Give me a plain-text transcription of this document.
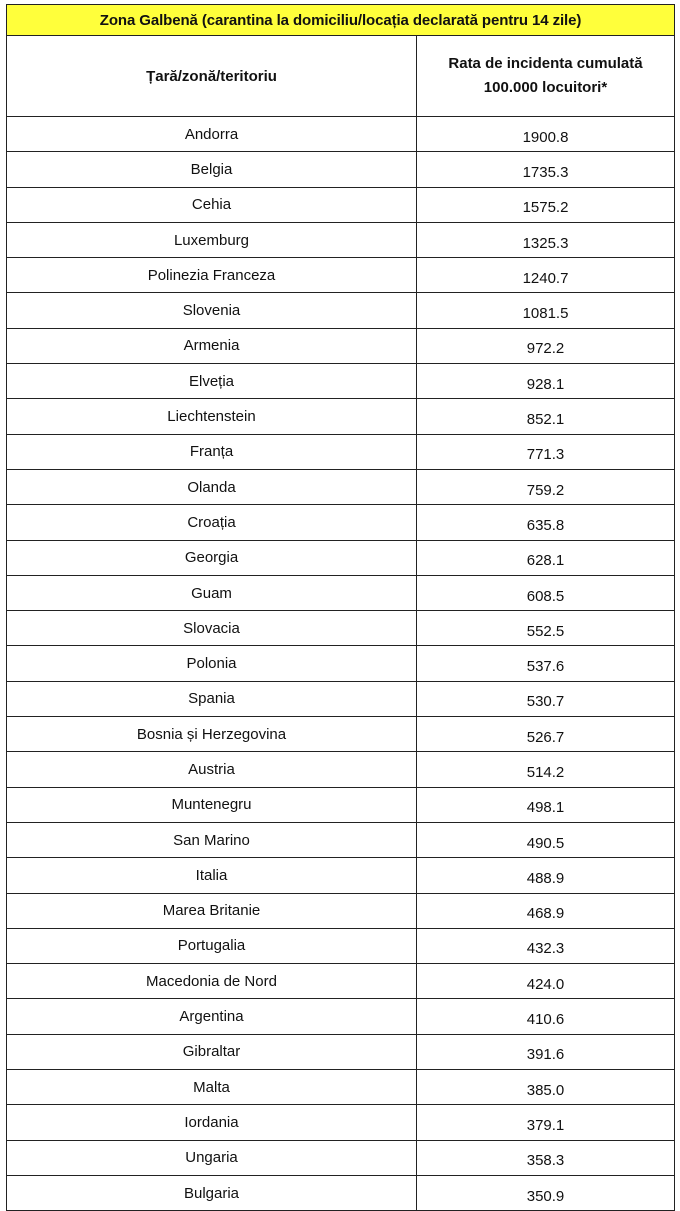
Zona Galbenă (carantina la domiciliu/locația declarată pentru 14 zile)	
Țară/zonă/teritoriu	Rata de incidenta cumulată
100.000 locuitori*
Andorra	1900.8
Belgia	1735.3
Cehia	1575.2
Luxemburg	1325.3
Polinezia Franceza	1240.7
Slovenia	1081.5
Armenia	972.2
Elveția	928.1
Liechtenstein	852.1
Franța	771.3
Olanda	759.2
Croația	635.8
Georgia	628.1
Guam	608.5
Slovacia	552.5
Polonia	537.6
Spania	530.7
Bosnia și Herzegovina	526.7
Austria	514.2
Muntenegru	498.1
San Marino	490.5
Italia	488.9
Marea Britanie	468.9
Portugalia	432.3
Macedonia de Nord	424.0
Argentina	410.6
Gibraltar	391.6
Malta	385.0
Iordania	379.1
Ungaria	358.3
Bulgaria	350.9
